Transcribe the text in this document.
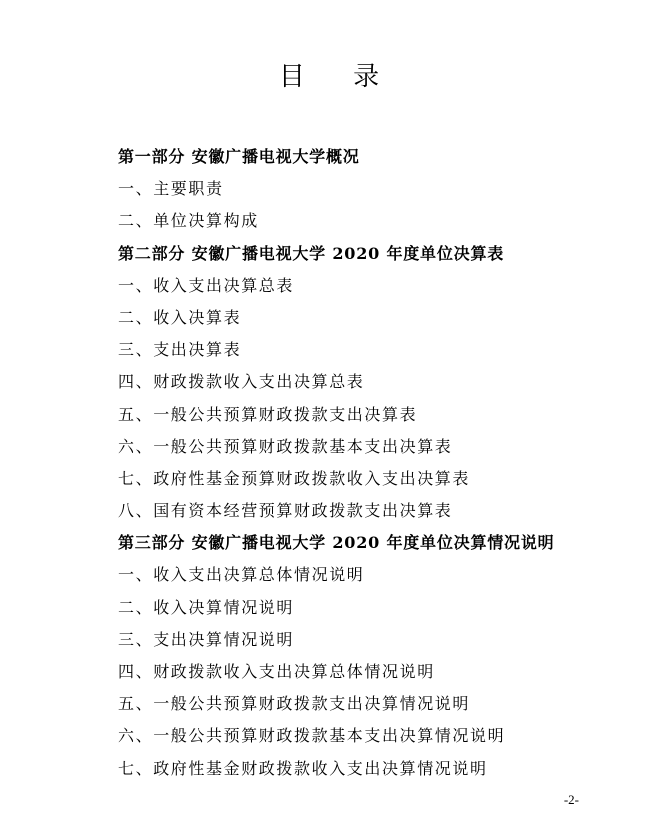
目 录
第一部分 安徽广播电视大学概况
一、主要职责
二、单位决算构成
第二部分 安徽广播电视大学 2020 年度单位决算表
一、收入支出决算总表
二、收入决算表
三、支出决算表
四、财政拨款收入支出决算总表
五、一般公共预算财政拨款支出决算表
六、一般公共预算财政拨款基本支出决算表
七、政府性基金预算财政拨款收入支出决算表
八、国有资本经营预算财政拨款支出决算表
第三部分 安徽广播电视大学 2020 年度单位决算情况说明
一、收入支出决算总体情况说明
二、收入决算情况说明
三、支出决算情况说明
四、财政拨款收入支出决算总体情况说明
五、一般公共预算财政拨款支出决算情况说明
六、一般公共预算财政拨款基本支出决算情况说明
七、政府性基金财政拨款收入支出决算情况说明
-2-
